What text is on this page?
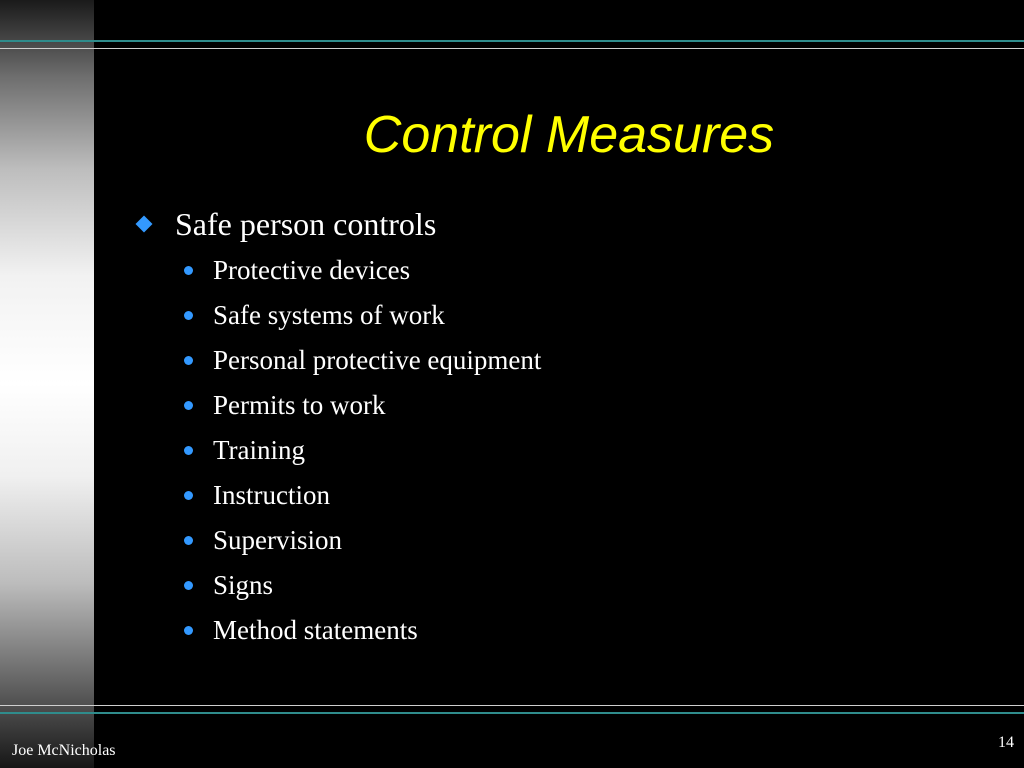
Control Measures
Safe person controls
Protective devices
Safe systems of work
Personal protective equipment
Permits to work
Training
Instruction
Supervision
Signs
Method statements
Joe McNicholas	14
